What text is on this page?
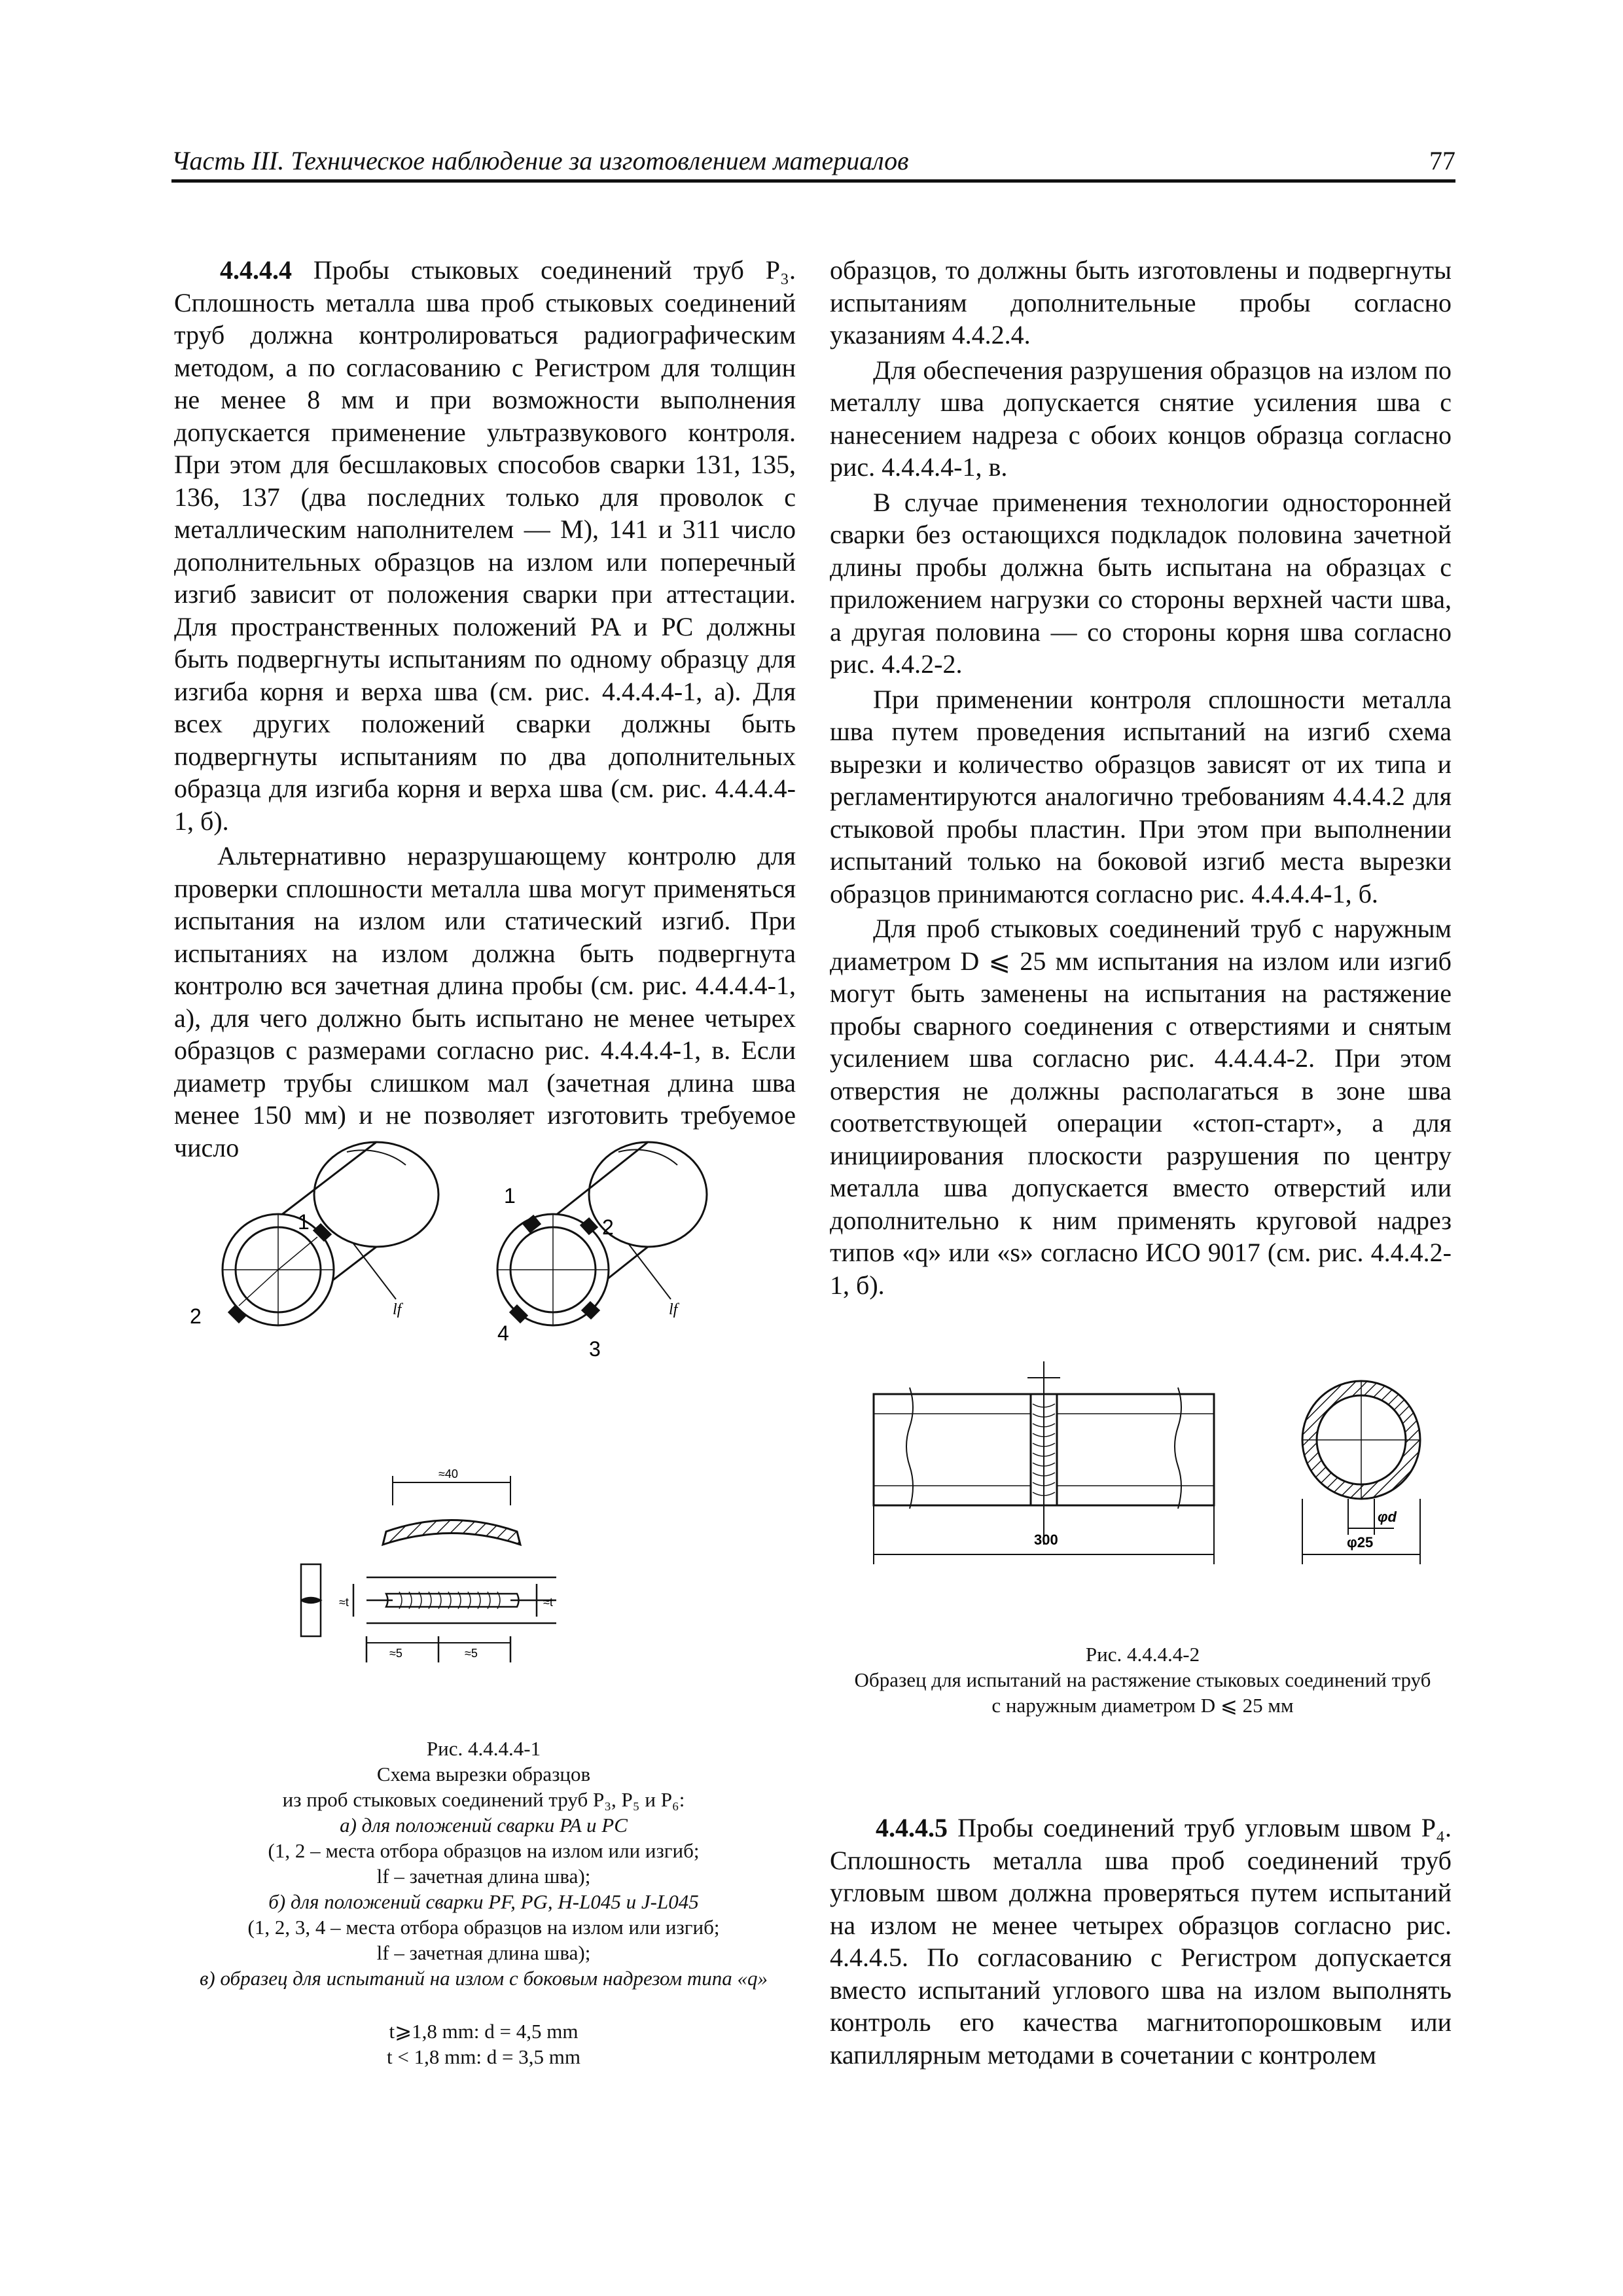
Часть III. Техническое наблюдение за изготовлением материалов	77

4.4.4.4 Пробы стыковых соединений труб P₃. Сплошность металла шва проб стыковых соединений труб должна контролироваться радиографическим методом, а по согласованию с Регистром для толщин не менее 8 мм и при возможности выполнения допускается применение ультразвукового контроля. При этом для бесшлаковых способов сварки 131, 135, 136, 137 (два последних только для проволок с металлическим наполнителем — М), 141 и 311 число дополнительных образцов на излом или поперечный изгиб зависит от положения сварки при аттестации. Для пространственных положений PA и PC должны быть подвергнуты испытаниям по одному образцу для изгиба корня и верха шва (см. рис. 4.4.4.4-1, а). Для всех других положений сварки должны быть подвергнуты испытаниям по два дополнительных образца для изгиба корня и верха шва (см. рис. 4.4.4.4-1, б).

Альтернативно неразрушающему контролю для проверки сплошности металла шва могут применяться испытания на излом или статический изгиб. При испытаниях на излом должна быть подвергнута контролю вся зачетная длина пробы (см. рис. 4.4.4.4-1, а), для чего должно быть испытано не менее четырех образцов с размерами согласно рис. 4.4.4.4-1, в. Если диаметр трубы слишком мал (зачетная длина шва менее 150 мм) и не позволяет изготовить требуемое число

образцов, то должны быть изготовлены и подвергнуты испытаниям дополнительные пробы согласно указаниям 4.4.2.4.

Для обеспечения разрушения образцов на излом по металлу шва допускается снятие усиления шва с нанесением надреза с обоих концов образца согласно рис. 4.4.4.4-1, в.

В случае применения технологии односторонней сварки без остающихся подкладок половина зачетной длины пробы должна быть испытана на образцах с приложением нагрузки со стороны верхней части шва, а другая половина — со стороны корня шва согласно рис. 4.4.2-2.

При применении контроля сплошности металла шва путем проведения испытаний на изгиб схема вырезки и количество образцов зависят от их типа и регламентируются аналогично требованиям 4.4.4.2 для стыковой пробы пластин. При этом при выполнении испытаний только на боковой изгиб места вырезки образцов принимаются согласно рис. 4.4.4.4-1, б.

Для проб стыковых соединений труб с наружным диаметром D ⩽ 25 мм испытания на излом или изгиб могут быть заменены на испытания на растяжение пробы сварного соединения с отверстиями и снятым усилением шва согласно рис. 4.4.4.4-2. При этом отверстия не должны располагаться в зоне шва соответствующей операции «стоп-старт», а для инициирования плоскости разрушения по центру металла шва допускается вместо отверстий или дополнительно к ним применять круговой надрез типов «q» или «s» согласно ИСО 9017 (см. рис. 4.4.4.2-1, б).

4.4.4.5 Пробы соединений труб угловым швом P₄. Сплошность металла шва проб соединений труб угловым швом должна проверяться путем испытаний на излом не менее четырех образцов согласно рис. 4.4.4.5. По согласованию с Регистром допускается вместо испытаний углового шва на излом выполнять контроль его качества магнитопорошковым или капиллярным методами в сочетании с контролем

1
2	lf
1
2
3
4
lf
≈40
≈t	≈t
≈5	≈5
Рис. 4.4.4.4-1
Схема вырезки образцов
из проб стыковых соединений труб P₃, P₅ и P₆:
а) для положений сварки PA и PC
(1, 2 – места отбора образцов на излом или изгиб;
lf – зачетная длина шва);
б) для положений сварки PF, PG, H-L045 и J-L045
(1, 2, 3, 4 – места отбора образцов на излом или изгиб;
lf – зачетная длина шва);
в) образец для испытаний на излом с боковым надрезом типа «q»
t⩾1,8 mm: d = 4,5 mm
t < 1,8 mm: d = 3,5 mm
300
φd
φ25
Рис. 4.4.4.4-2
Образец для испытаний на растяжение стыковых соединений труб
с наружным диаметром D ⩽ 25 мм
